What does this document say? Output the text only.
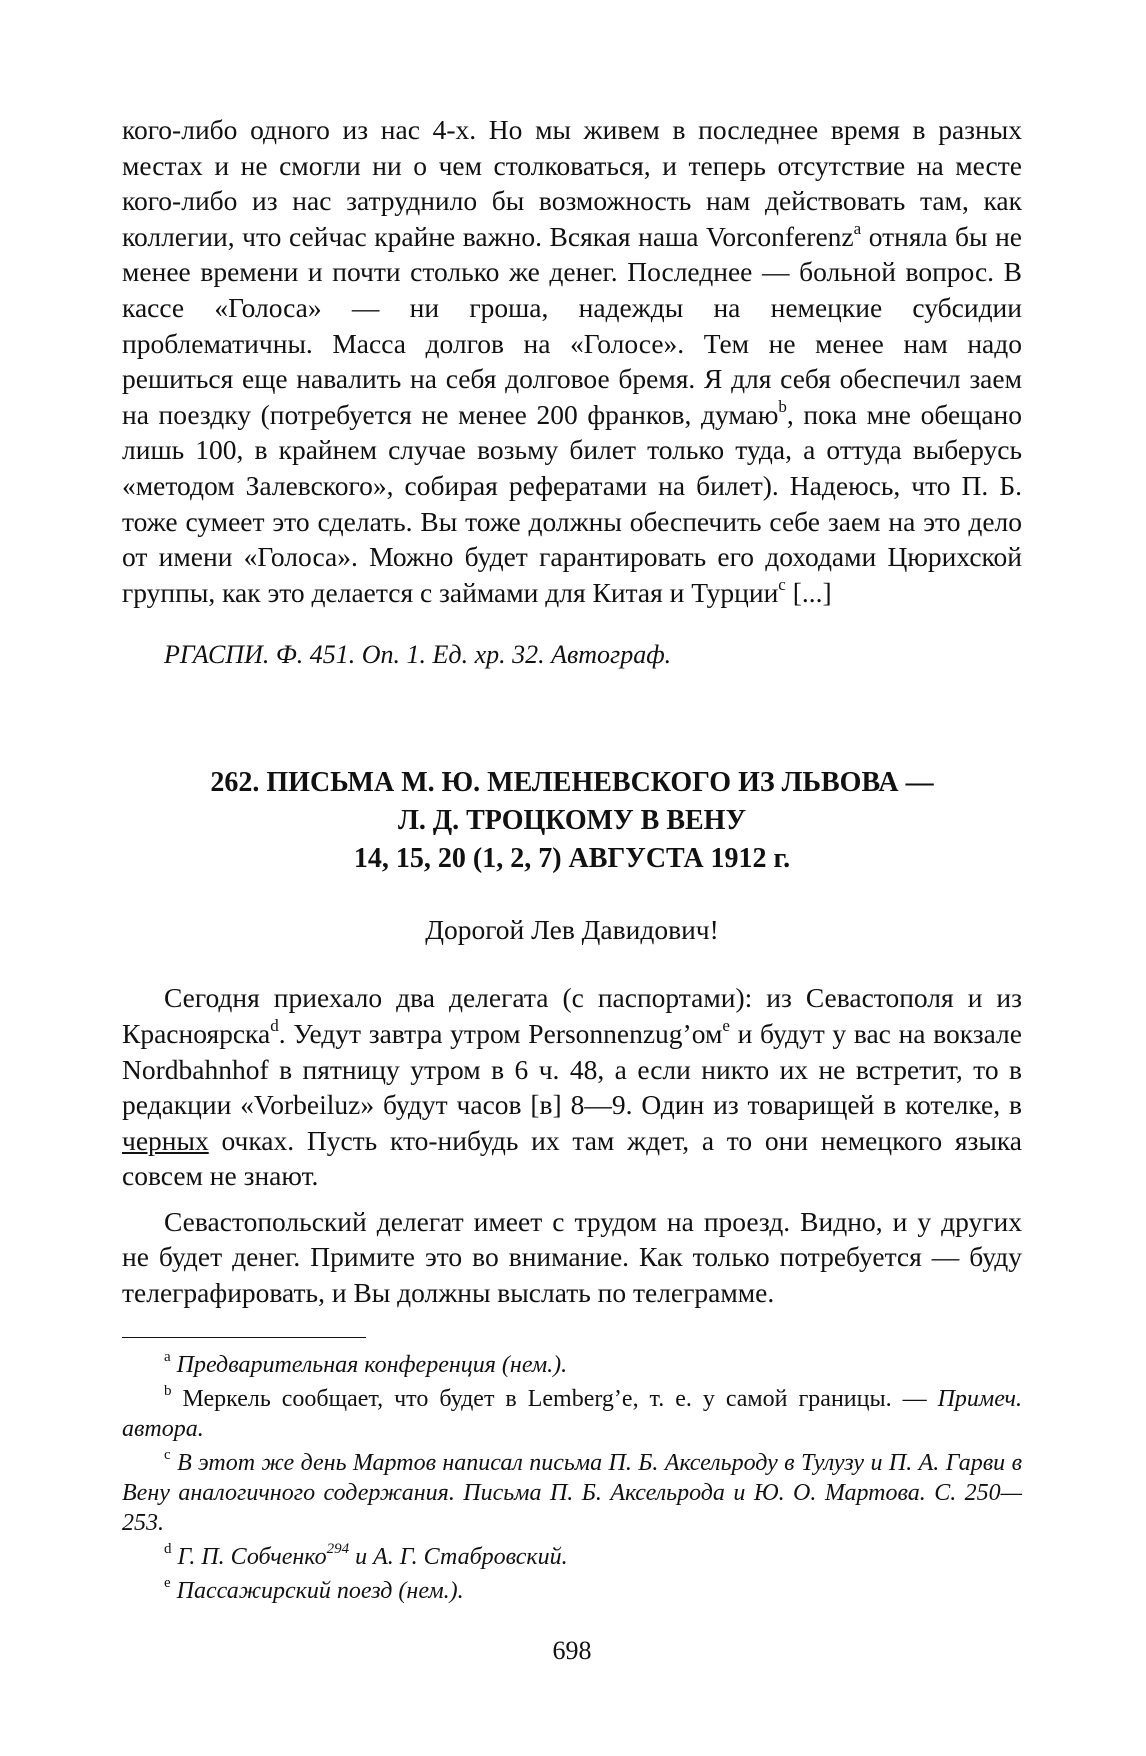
кого-либо одного из нас 4-х. Но мы живем в последнее время в разных местах и не смогли ни о чем столковаться, и теперь отсутствие на месте кого-либо из нас затруднило бы возможность нам действовать там, как коллегии, что сейчас крайне важно. Всякая наша Vorconferenz$^a$ отняла бы не менее времени и почти столько же денег. Последнее — больной вопрос. В кассе «Голоса» — ни гроша, надежды на немецкие субсидии проблематичны. Масса долгов на «Голосе». Тем не менее нам надо решиться еще навалить на себя долговое бремя. Я для себя обеспечил заем на поездку (потребуется не менее 200 франков, думаю$^b$, пока мне обещано лишь 100, в крайнем случае возьму билет только туда, а оттуда выберусь «методом Залевского», собирая рефератами на билет). Надеюсь, что П. Б. тоже сумеет это сделать. Вы тоже должны обеспечить себе заем на это дело от имени «Голоса». Можно будет гарантировать его доходами Цюрихской группы, как это делается с займами для Китая и Турции$^c$ [...]

РГАСПИ. Ф. 451. Оп. 1. Ед. хр. 32. Автограф.

262. ПИСЬМА М. Ю. МЕЛЕНЕВСКОГО ИЗ ЛЬВОВА —
Л. Д. ТРОЦКОМУ В ВЕНУ
14, 15, 20 (1, 2, 7) АВГУСТА 1912 г.
Дорогой Лев Давидович!

Сегодня приехало два делегата (с паспортами): из Севастополя и из Красноярска$^d$. Уедут завтра утром $Personnenzug’ом^e$ и будут у вас на вокзале Nordbahnhof в пятницу утром в 6 ч. 48, а если никто их не встретит, то в редакции «Vorbeiluz» будут часов [в] 8—9. Один из товарищей в котелке, в черных очках. Пусть кто-нибудь их там ждет, а то они немецкого языка совсем не знают.

Севастопольский делегат имеет с трудом на проезд. Видно, и у других не будет денег. Примите это во внимание. Как только потребуется — буду телеграфировать, и Вы должны выслать по телеграмме.

$^a$ Предварительная конференция (нем.).

$^b$ Меркель сообщает, что будет в Lemberg’е, т. е. у самой границы. — Примеч. автора.

$^c$ В этот же день Мартов написал письма П. Б. Аксельроду в Тулузу и П. А. Гарви в Вену аналогичного содержания. Письма П. Б. Аксельрода и Ю. О. Мартова. С. 250—253.

$^d$ Г. П. Собченко$^{294}$ и А. Г. Стабровский.

$^e$ Пассажирский поезд (нем.).

698
